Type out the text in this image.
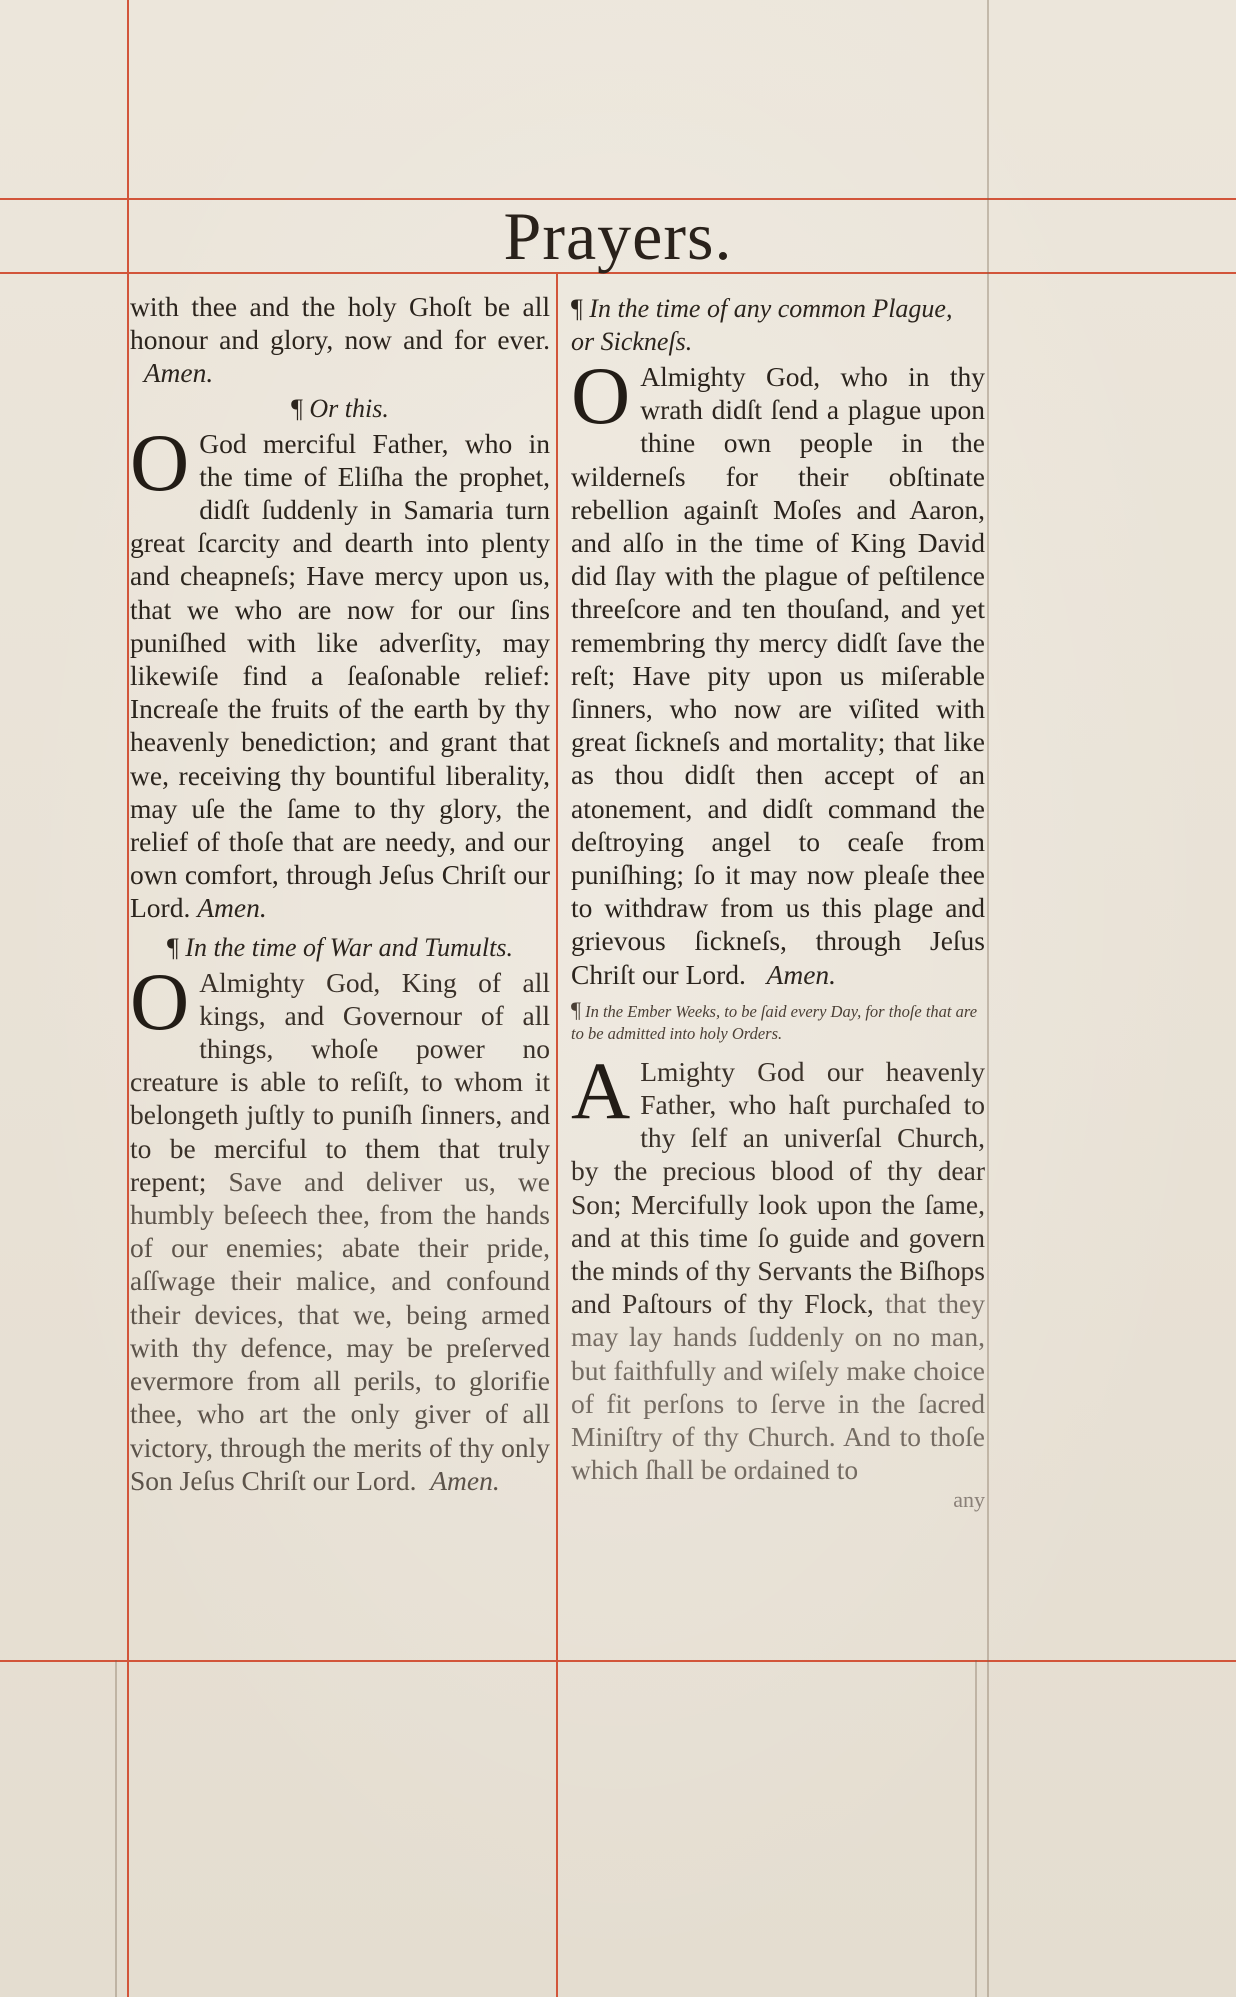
Prayers.

with thee and the holy Ghoſt be all honour and glory, now and for ever.   Amen.

¶ Or this.

O God merciful Father, who in the time of Eliſha the prophet, didſt ſuddenly in Samaria turn great ſcarcity and dearth into plenty and cheapneſs; Have mercy upon us, that we who are now for our ſins puniſhed with like adverſity, may likewiſe find a ſeaſonable relief: Increaſe the fruits of the earth by thy heavenly benediction; and grant that we, receiving thy bountiful liberality, may uſe the ſame to thy glory, the relief of thoſe that are needy, and our own comfort, through Jeſus Chriſt our Lord. Amen.

¶ In the time of War and Tumults.

O Almighty God, King of all kings, and Governour of all things, whoſe power no creature is able to reſiſt, to whom it belongeth juſtly to puniſh ſinners, and to be merciful to them that truly repent; Save and deliver us, we humbly beſeech thee, from the hands of our enemies; abate their pride, aſſwage their malice, and confound their devices, that we, being armed with thy defence, may be preſerved evermore from all perils, to glorifie thee, who art the only giver of all victory, through the merits of thy only Son Jeſus Chriſt our Lord. Amen.

¶ In the time of any common Plague,
or Sickneſs.

O Almighty God, who in thy wrath didſt ſend a plague upon thine own people in the wilderneſs for their obſtinate rebellion againſt Moſes and Aaron, and alſo in the time of King David did ſlay with the plague of peſtilence threeſcore and ten thouſand, and yet remembring thy mercy didſt ſave the reſt; Have pity upon us miſerable ſinners, who now are viſited with great ſickneſs and mortality; that like as thou didſt then accept of an atonement, and didſt command the deſtroying angel to ceaſe from puniſhing; ſo it may now pleaſe thee to withdraw from us this plage and grievous ſickneſs, through Jeſus Chriſt our Lord. Amen.

¶ In the Ember Weeks, to be ſaid every Day, for thoſe that are to be admitted into holy Orders.

A Lmighty God our heavenly Father, who haſt purchaſed to thy ſelf an univerſal Church, by the precious blood of thy dear Son; Mercifully look upon the ſame, and at this time ſo guide and govern the minds of thy Servants the Biſhops and Paſtours of thy Flock, that they may lay hands ſuddenly on no man, but faithfully and wiſely make choice of fit perſons to ſerve in the ſacred Miniſtry of thy Church. And to thoſe which ſhall be ordained to

any
